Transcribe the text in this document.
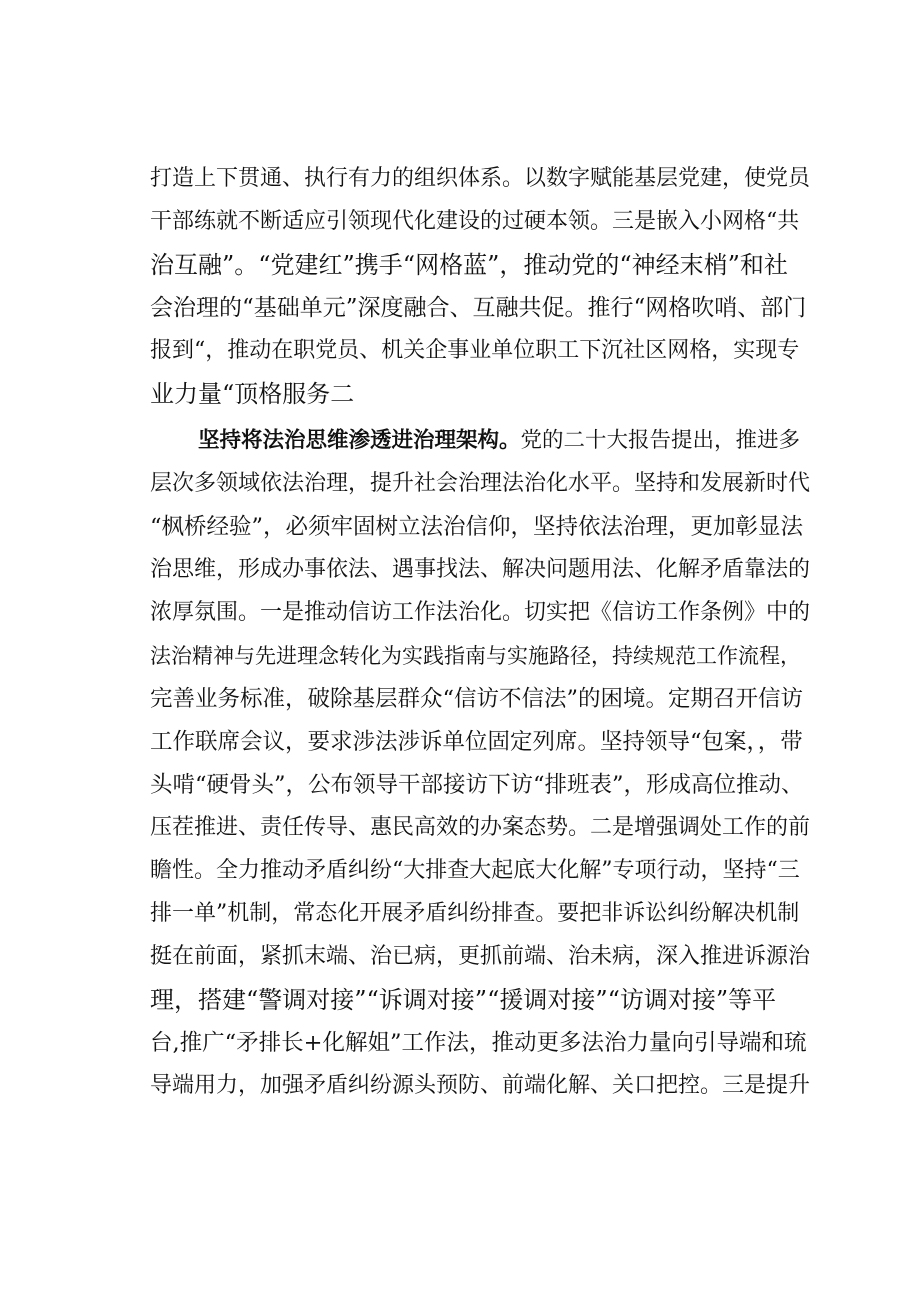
打造上下贯通、执行有力的组织体系。以数字赋能基层党建，使党员
干部练就不断适应引领现代化建设的过硬本领。三是嵌入小网格“共
治互融”。“党建红”携手“网格蓝”，推动党的“神经末梢”和社
会治理的“基础单元”深度融合、互融共促。推行“网格吹哨、部门
报到“，推动在职党员、机关企事业单位职工下沉社区网格，实现专
业力量“顶格服务二
坚持将法治思维渗透进治理架构。党的二十大报告提出，推进多
层次多领域依法治理，提升社会治理法治化水平。坚持和发展新时代
“枫桥经验”，必须牢固树立法治信仰，坚持依法治理，更加彰显法
治思维，形成办事依法、遇事找法、解决问题用法、化解矛盾靠法的
浓厚氛围。一是推动信访工作法治化。切实把《信访工作条例》中的
法治精神与先进理念转化为实践指南与实施路径，持续规范工作流程，
完善业务标准，破除基层群众“信访不信法”的困境。定期召开信访
工作联席会议，要求涉法涉诉单位固定列席。坚持领导“包案，，带
头啃“硬骨头”，公布领导干部接访下访“排班表”，形成高位推动、
压茬推进、责任传导、惠民高效的办案态势。二是增强调处工作的前
瞻性。全力推动矛盾纠纷“大排查大起底大化解”专项行动，坚持“三
排一单”机制，常态化开展矛盾纠纷排查。要把非诉讼纠纷解决机制
挺在前面，紧抓末端、治已病，更抓前端、治未病，深入推进诉源治
理，搭建“警调对接”“诉调对接”“援调对接”“访调对接”等平
台,推广“矛排长+化解姐”工作法，推动更多法治力量向引导端和琉
导端用力，加强矛盾纠纷源头预防、前端化解、关口把控。三是提升
